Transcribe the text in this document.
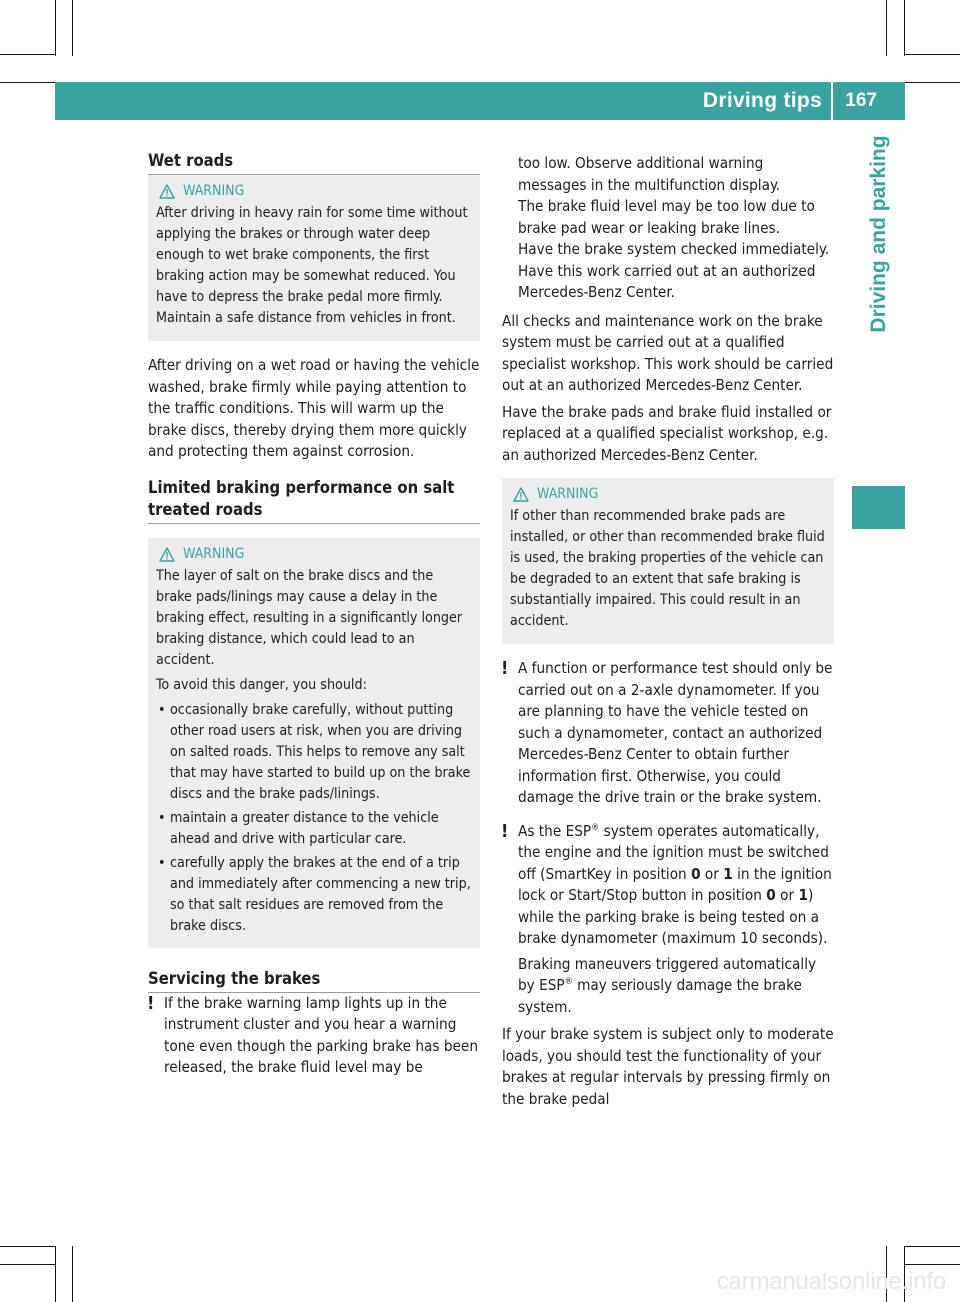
Driving tips 167
Driving and parking

Wet roads

WARNING

After driving in heavy rain for some time without applying the brakes or through water deep enough to wet brake components, the first braking action may be somewhat reduced. You have to depress the brake pedal more firmly. Maintain a safe distance from vehicles in front.

After driving on a wet road or having the vehicle washed, brake firmly while paying attention to the traffic conditions. This will warm up the brake discs, thereby drying them more quickly and protecting them against corrosion.

Limited braking performance on salt treated roads

WARNING

The layer of salt on the brake discs and the brake pads/linings may cause a delay in the braking effect, resulting in a significantly longer braking distance, which could lead to an accident.

To avoid this danger, you should:

• occasionally brake carefully, without putting other road users at risk, when you are driving on salted roads. This helps to remove any salt that may have started to build up on the brake discs and the brake pads/linings.
• maintain a greater distance to the vehicle ahead and drive with particular care.
• carefully apply the brakes at the end of a trip and immediately after commencing a new trip, so that salt residues are removed from the brake discs.

Servicing the brakes

! If the brake warning lamp lights up in the instrument cluster and you hear a warning tone even though the parking brake has been released, the brake fluid level may be

too low. Observe additional warning messages in the multifunction display.

The brake fluid level may be too low due to brake pad wear or leaking brake lines.

Have the brake system checked immediately. Have this work carried out at an authorized Mercedes-Benz Center.

All checks and maintenance work on the brake system must be carried out at a qualified specialist workshop. This work should be carried out at an authorized Mercedes-Benz Center.

Have the brake pads and brake fluid installed or replaced at a qualified specialist workshop, e.g. an authorized Mercedes-Benz Center.

WARNING

If other than recommended brake pads are installed, or other than recommended brake fluid is used, the braking properties of the vehicle can be degraded to an extent that safe braking is substantially impaired. This could result in an accident.

! A function or performance test should only be carried out on a 2-axle dynamometer. If you are planning to have the vehicle tested on such a dynamometer, contact an authorized Mercedes-Benz Center to obtain further information first. Otherwise, you could damage the drive train or the brake system.

! As the ESP® system operates automatically, the engine and the ignition must be switched off (SmartKey in position 0 or 1 in the ignition lock or Start/Stop button in position 0 or 1) while the parking brake is being tested on a brake dynamometer (maximum 10 seconds).

Braking maneuvers triggered automatically by ESP® may seriously damage the brake system.

If your brake system is subject only to moderate loads, you should test the functionality of your brakes at regular intervals by pressing firmly on the brake pedal

carmanualsonline.info
